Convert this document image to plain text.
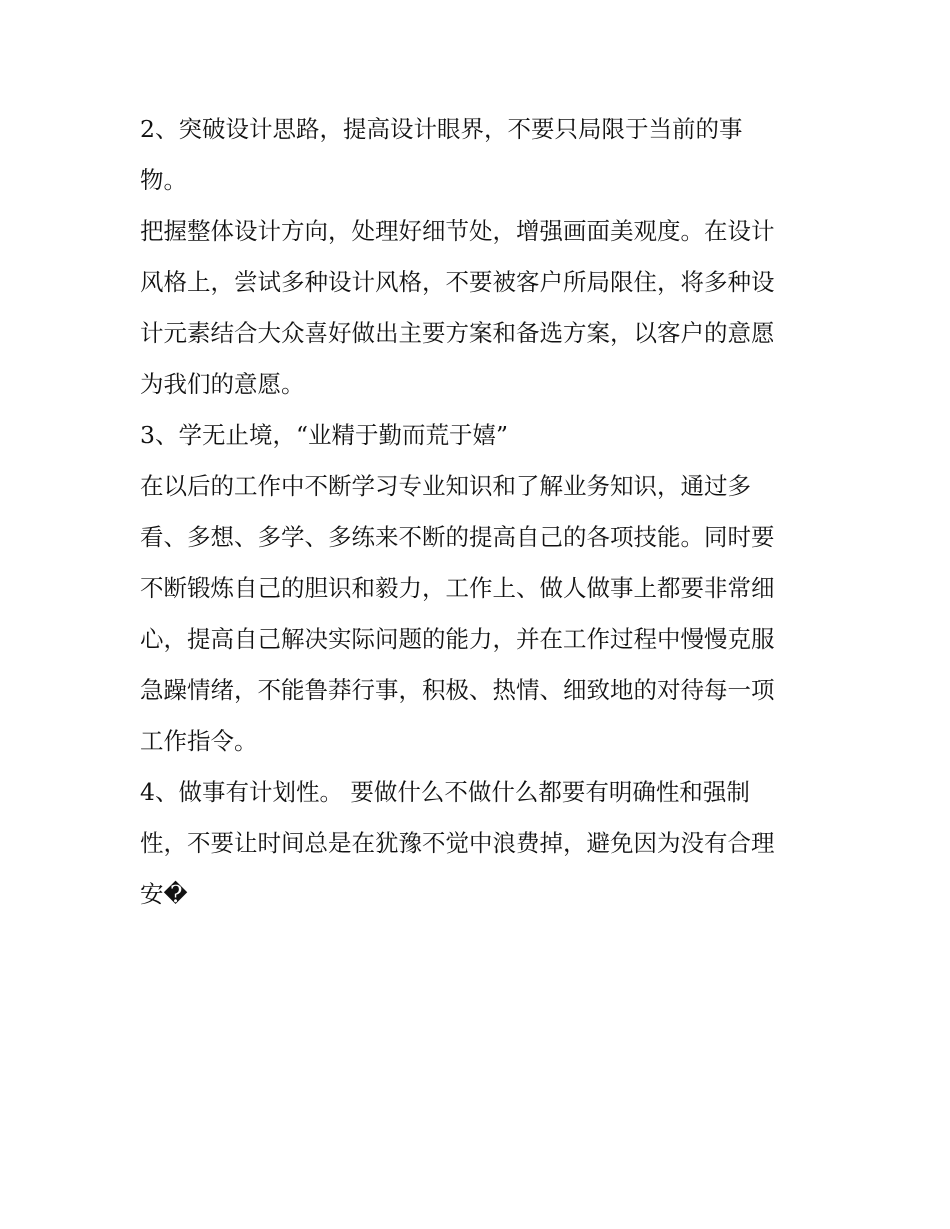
2、突破设计思路，提高设计眼界，不要只局限于当前的事
物。
把握整体设计方向，处理好细节处，增强画面美观度。在设计
风格上，尝试多种设计风格，不要被客户所局限住，将多种设
计元素结合大众喜好做出主要方案和备选方案，以客户的意愿
为我们的意愿。
3、学无止境，“业精于勤而荒于嬉”
在以后的工作中不断学习专业知识和了解业务知识，通过多
看、多想、多学、多练来不断的提高自己的各项技能。同时要
不断锻炼自己的胆识和毅力，工作上、做人做事上都要非常细
心，提高自己解决实际问题的能力，并在工作过程中慢慢克服
急躁情绪，不能鲁莽行事，积极、热情、细致地的对待每一项
工作指令。
4、做事有计划性。 要做什么不做什么都要有明确性和强制
性，不要让时间总是在犹豫不觉中浪费掉，避免因为没有合理
安�
